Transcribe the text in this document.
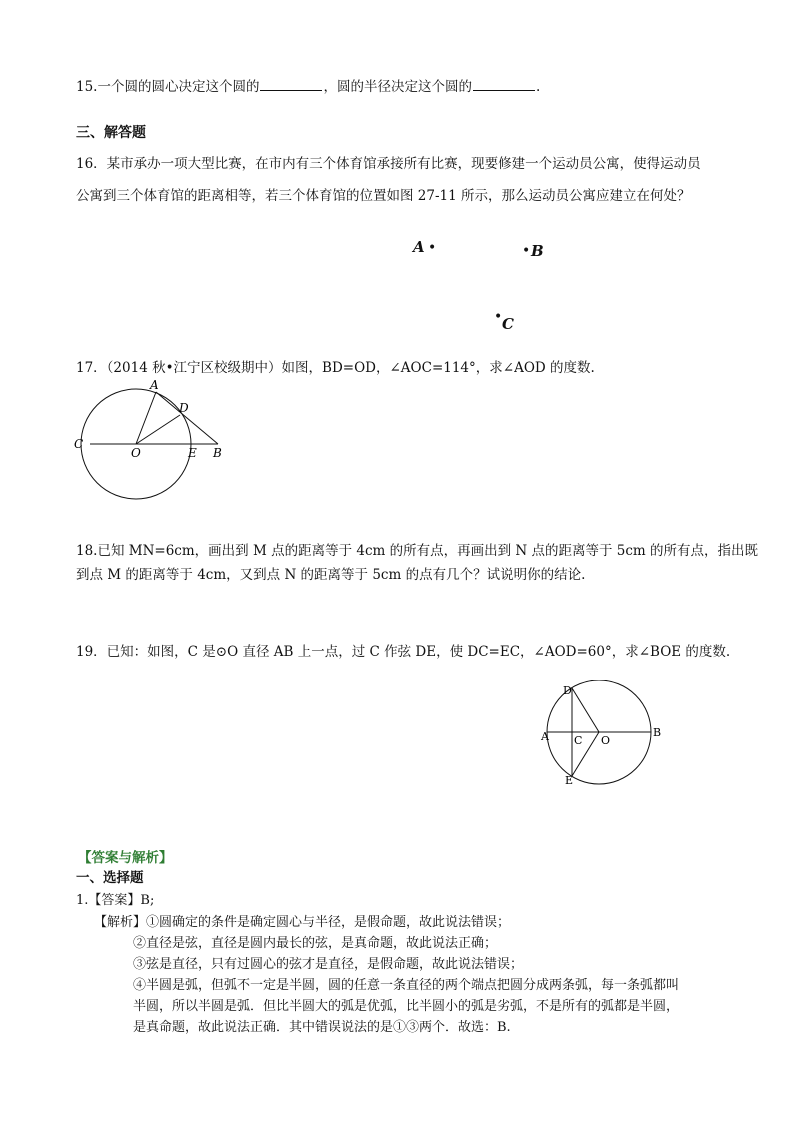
15.一个圆的圆心决定这个圆的	，圆的半径决定这个圆的	.
三、解答题
16．某市承办一项大型比赛，在市内有三个体育馆承接所有比赛，现要修建一个运动员公寓，使得运动员
公寓到三个体育馆的距离相等，若三个体育馆的位置如图 27-11 所示，那么运动员公寓应建立在何处？
A •	• B
• C
17．（2014 秋•江宁区校级期中）如图，BD=OD，∠AOC=114°，求∠AOD 的度数.
A
D
C
O	E B
18.已知 MN=6cm，画出到 M 点的距离等于 4cm 的所有点，再画出到 N 点的距离等于 5cm 的所有点，指出既
到点 M 的距离等于 4cm，又到点 N 的距离等于 5cm 的点有几个？试说明你的结论.
19．已知：如图，C 是⊙O 直径 AB 上一点，过 C 作弦 DE，使 DC=EC，∠AOD=60°，求∠BOE 的度数.
D
A C O
B
E
【答案与解析】
一、选择题
1.【答案】B;
【解析】①圆确定的条件是确定圆心与半径，是假命题，故此说法错误；
②直径是弦，直径是圆内最长的弦，是真命题，故此说法正确；
③弦是直径，只有过圆心的弦才是直径，是假命题，故此说法错误；
④半圆是弧，但弧不一定是半圆，圆的任意一条直径的两个端点把圆分成两条弧，每一条弧都叫
半圆，所以半圆是弧．但比半圆大的弧是优弧，比半圆小的弧是劣弧，不是所有的弧都是半圆，
是真命题，故此说法正确．其中错误说法的是①③两个．故选：B.
